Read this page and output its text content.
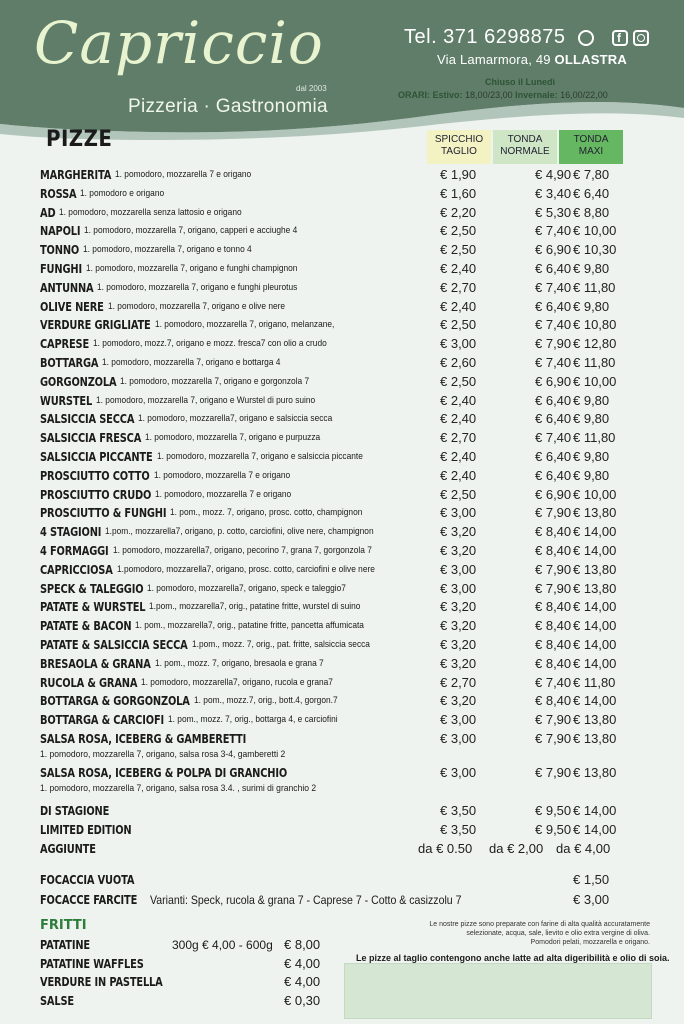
Capriccio
dal 2003
Pizzeria · Gastronomia
Tel. 371 6298875	f
Via Lamarmora, 49 OLLASTRA
Chiuso il Lunedì
ORARI: Estivo: 18,00/23,00 Invernale: 16,00/22,00
PIZZE	SPICCHIO
TAGLIO
TONDA
NORMALE
TONDA
MAXI
MARGHERITA 1. pomodoro, mozzarella 7 e origano	€ 1,90	€ 4,90 € 7,80
ROSSA 1. pomodoro e origano	€ 1,60	€ 3,40 € 6,40
AD 1. pomodoro, mozzarella senza lattosio e origano	€ 2,20	€ 5,30 € 8,80
NAPOLI 1. pomodoro, mozzarella 7, origano, capperi e acciughe 4	€ 2,50	€ 7,40 € 10,00
TONNO 1. pomodoro, mozzarella 7, origano e tonno 4	€ 2,50	€ 6,90 € 10,30
FUNGHI 1. pomodoro, mozzarella 7, origano e funghi champignon	€ 2,40	€ 6,40 € 9,80
ANTUNNA 1. pomodoro, mozzarella 7, origano e funghi pleurotus	€ 2,70	€ 7,40 € 11,80
OLIVE NERE 1. pomodoro, mozzarella 7, origano e olive nere	€ 2,40	€ 6,40 € 9,80
VERDURE GRIGLIATE 1. pomodoro, mozzarella 7, origano, melanzane,	€ 2,50	€ 7,40 € 10,80
CAPRESE 1. pomodoro, mozz.7, origano e mozz. fresca7 con olio a crudo	€ 3,00	€ 7,90 € 12,80
BOTTARGA 1. pomodoro, mozzarella 7, origano e bottarga 4	€ 2,60	€ 7,40 € 11,80
GORGONZOLA 1. pomodoro, mozzarella 7, origano e gorgonzola 7	€ 2,50	€ 6,90 € 10,00
WURSTEL 1. pomodoro, mozzarella 7, origano e Wurstel di puro suino	€ 2,40	€ 6,40 € 9,80
SALSICCIA SECCA 1. pomodoro, mozzarella7, origano e salsiccia secca	€ 2,40	€ 6,40 € 9,80
SALSICCIA FRESCA 1. pomodoro, mozzarella 7, origano e purpuzza	€ 2,70	€ 7,40 € 11,80
SALSICCIA PICCANTE 1. pomodoro, mozzarella 7, origano e salsiccia piccante	€ 2,40	€ 6,40 € 9,80
PROSCIUTTO COTTO 1. pomodoro, mozzarella 7 e origano	€ 2,40	€ 6,40 € 9,80
PROSCIUTTO CRUDO 1. pomodoro, mozzarella 7 e origano	€ 2,50	€ 6,90 € 10,00
PROSCIUTTO & FUNGHI 1. pom., mozz. 7, origano, prosc. cotto, champignon	€ 3,00	€ 7,90 € 13,80
4 STAGIONI 1.pom., mozzarella7, origano, p. cotto, carciofini, olive nere, champignon	€ 3,20	€ 8,40 € 14,00
4 FORMAGGI 1. pomodoro, mozzarella7, origano, pecorino 7, grana 7, gorgonzola 7	€ 3,20	€ 8,40 € 14,00
CAPRICCIOSA 1.pomodoro, mozzarella7, origano, prosc. cotto, carciofini e olive nere	€ 3,00	€ 7,90 € 13,80
SPECK & TALEGGIO 1. pomodoro, mozzarella7, origano, speck e taleggio7	€ 3,00	€ 7,90 € 13,80
PATATE & WURSTEL 1.pom., mozzarella7, orig., patatine fritte, wurstel di suino	€ 3,20	€ 8,40 € 14,00
PATATE & BACON 1. pom., mozzarella7, orig., patatine fritte, pancetta affumicata	€ 3,20	€ 8,40 € 14,00
PATATE & SALSICCIA SECCA 1.pom., mozz. 7, orig., pat. fritte, salsiccia secca	€ 3,20	€ 8,40 € 14,00
BRESAOLA & GRANA 1. pom., mozz. 7, origano, bresaola e grana 7	€ 3,20	€ 8,40 € 14,00
RUCOLA & GRANA 1. pomodoro, mozzarella7, origano, rucola e grana7	€ 2,70	€ 7,40 € 11,80
BOTTARGA & GORGONZOLA 1. pom., mozz.7, orig., bott.4, gorgon.7	€ 3,20	€ 8,40 € 14,00
BOTTARGA & CARCIOFI 1. pom., mozz. 7, orig., bottarga 4, e carciofini	€ 3,00	€ 7,90 € 13,80
SALSA ROSA, ICEBERG & GAMBERETTI
1. pomodoro, mozzarella 7, origano, salsa rosa 3-4, gamberetti 2
€ 3,00	€ 7,90 € 13,80
SALSA ROSA, ICEBERG & POLPA DI GRANCHIO
1. pomodoro, mozzarella 7, origano, salsa rosa 3.4. , surimi di granchio 2
€ 3,00	€ 7,90 € 13,80
DI STAGIONE	€ 3,50	€ 9,50 € 14,00
LIMITED EDITION	€ 3,50	€ 9,50 € 14,00
AGGIUNTE	da € 0.50 da € 2,00 da € 4,00
FOCACCIA VUOTA	€ 1,50
FOCACCE FARCITE Varianti: Speck, rucola & grana 7 - Caprese 7 - Cotto & casizzolu 7	€ 3,00
FRITTI
PATATINE	300g € 4,00 - 600g € 8,00
PATATINE WAFFLES	€ 4,00
VERDURE IN PASTELLA	€ 4,00
SALSE	€ 0,30
Le nostre pizze sono preparate con farine di alta qualità accuratamente
selezionate, acqua, sale, lievito e olio extra vergine di oliva.
Pomodori pelati, mozzarella e origano.
Le pizze al taglio contengono anche latte ad alta digeribilità e olio di soia.
